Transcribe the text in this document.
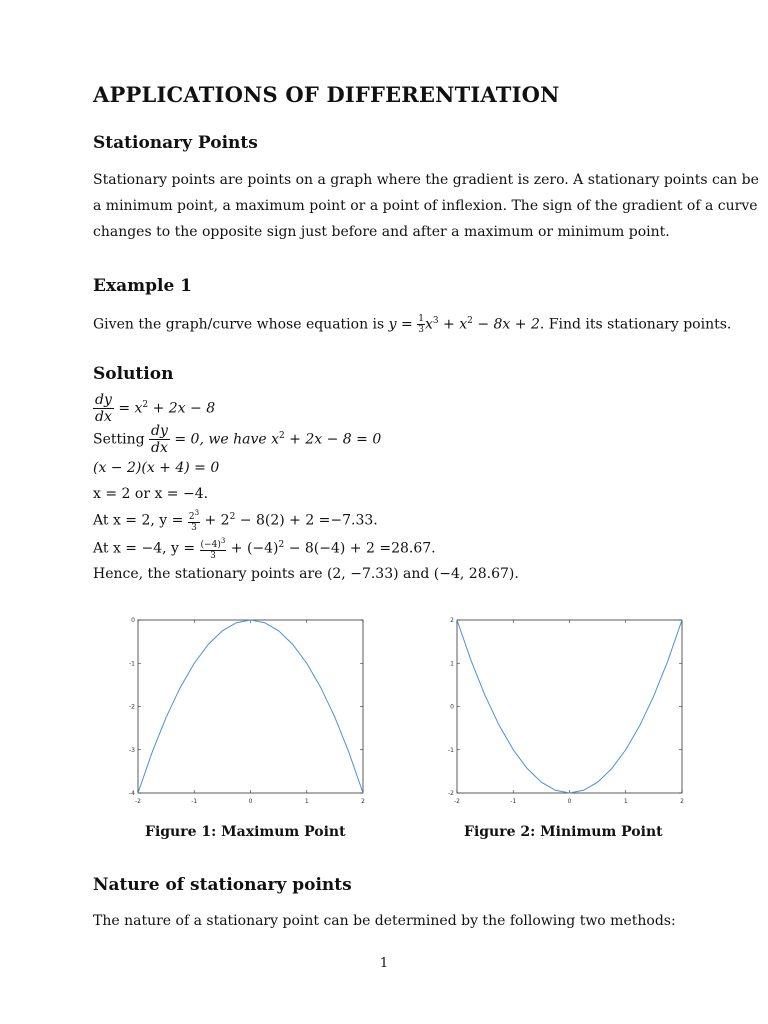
APPLICATIONS OF DIFFERENTIATION
Stationary Points
Stationary points are points on a graph where the gradient is zero. A stationary points can be
a minimum point, a maximum point or a point of inflexion. The sign of the gradient of a curve
changes to the opposite sign just before and after a maximum or minimum point.
Example 1
Given the graph/curve whose equation is $y = \frac{1}{3} x^3 + x^2 - 8x + 2$. Find its stationary points.
Solution
$\frac{dy}{dx} = x^2 + 2x - 8$
Setting $\frac{dy}{dx} = 0$, we have $x^2 + 2x - 8 = 0$
(x − 2)(x + 4) = 0
x = 2 or x = −4.
At x = 2, $y = \frac{2^3}{3} + 2^2 - 8(2) + 2 =-7.33$.
At x = −4, $y = \frac{(-4)^3}{3} + (-4)^2 - 8(-4) + 2 =28.67$.
Hence, the stationary points are (2, −7.33) and (−4, 28.67).
-2	-1	0	1	2
0
-1
-2
-3
-4
-2	-1	0	1	2
2
1
0
-1
-2
Figure 1: Maximum Point	Figure 2: Minimum Point
Nature of stationary points
The nature of a stationary point can be determined by the following two methods:
1
